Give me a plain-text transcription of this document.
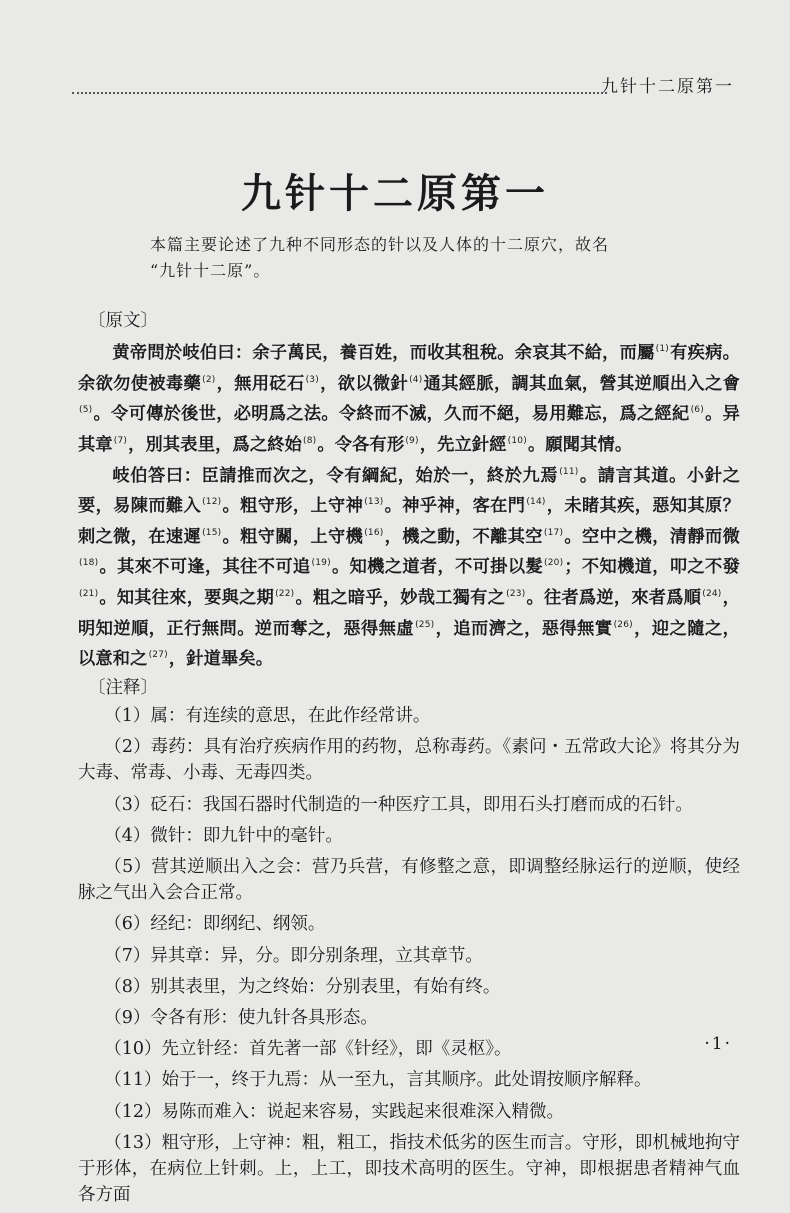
九针十二原第一
九针十二原第一
本篇主要论述了九种不同形态的针以及人体的十二原穴，故名
“九针十二原”。
〔原文〕

黄帝問於岐伯曰：余子萬民，養百姓，而收其租稅。余哀其不給，而屬$^{(1)}$有疾病。余欲勿使被毒藥$^{(2)}$，無用砭石$^{(3)}$，欲以微針$^{(4)}$通其經脈，調其血氣，營其逆順出入之會$^{(5)}$。令可傳於後世，必明爲之法。令終而不滅，久而不絕，易用難忘，爲之經紀$^{(6)}$。异其章$^{(7)}$，別其表里，爲之終始$^{(8)}$。令各有形$^{(9)}$，先立針經$^{(10)}$。願聞其情。

岐伯答曰：臣請推而次之，令有綱紀，始於一，終於九焉$^{(11)}$。請言其道。小針之要，易陳而難入$^{(12)}$。粗守形，上守神$^{(13)}$。神乎神，客在門$^{(14)}$，未睹其疾，惡知其原？刺之微，在速遲$^{(15)}$。粗守關，上守機$^{(16)}$，機之動，不離其空$^{(17)}$。空中之機，清靜而微$^{(18)}$。其來不可逢，其往不可追$^{(19)}$。知機之道者，不可掛以髮$^{(20)}$；不知機道，叩之不發$^{(21)}$。知其往來，要與之期$^{(22)}$。粗之暗乎，妙哉工獨有之$^{(23)}$。往者爲逆，來者爲順$^{(24)}$，明知逆順，正行無問。逆而奪之，惡得無虛$^{(25)}$，追而濟之，惡得無實$^{(26)}$，迎之隨之，以意和之$^{(27)}$，針道畢矣。

〔注释〕

（1）属：有连续的意思，在此作经常讲。

（2）毒药：具有治疗疾病作用的药物，总称毒药。《素问・五常政大论》将其分为大毒、常毒、小毒、无毒四类。

（3）砭石：我国石器时代制造的一种医疗工具，即用石头打磨而成的石针。

（4）微针：即九针中的毫针。

（5）营其逆顺出入之会：营乃兵营，有修整之意，即调整经脉运行的逆顺，使经脉之气出入会合正常。

（6）经纪：即纲纪、纲领。

（7）异其章：异，分。即分别条理，立其章节。

（8）别其表里，为之终始：分别表里，有始有终。

（9）令各有形：使九针各具形态。

（10）先立针经：首先著一部《针经》，即《灵枢》。

（11）始于一，终于九焉：从一至九，言其顺序。此处谓按顺序解释。

（12）易陈而难入：说起来容易，实践起来很难深入精微。

（13）粗守形，上守神：粗，粗工，指技术低劣的医生而言。守形，即机械地拘守于形体，在病位上针刺。上，上工，即技术高明的医生。守神，即根据患者精神气血各方面

·1·
